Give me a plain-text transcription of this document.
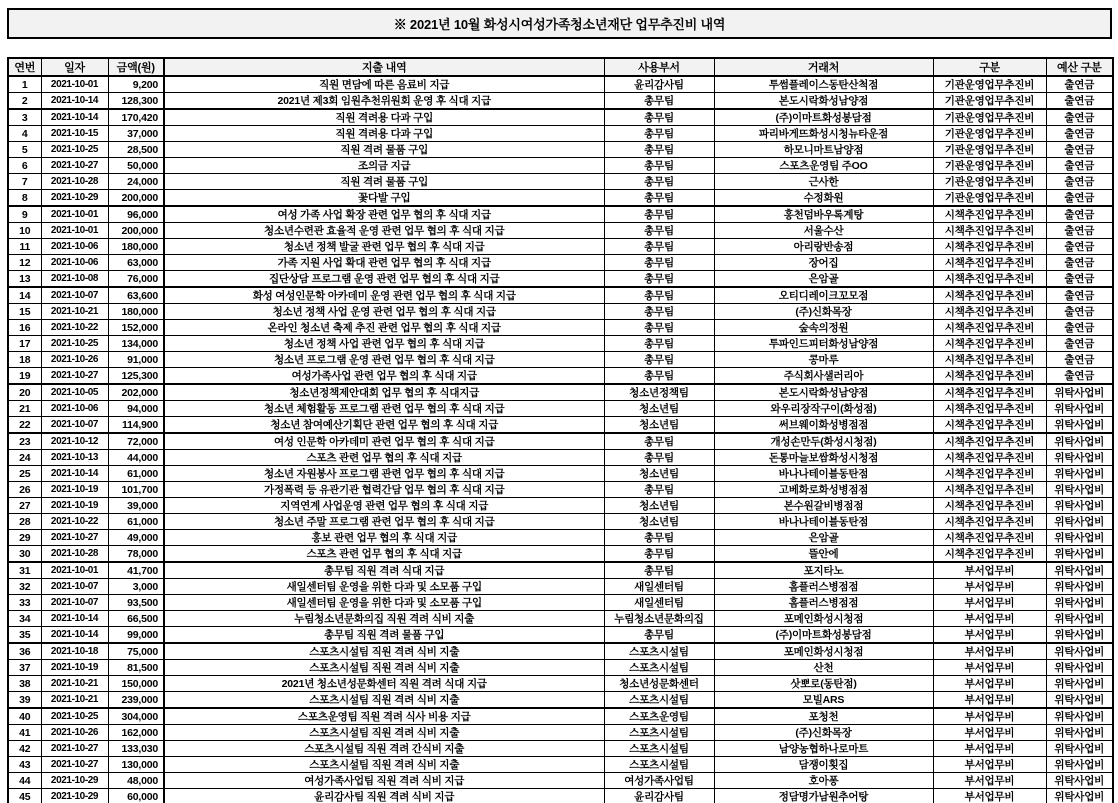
※ 2021년 10월 화성시여성가족청소년재단 업무추진비 내역
연번	일자	금액(원)	지출 내역	사용부서	거래처	구분	예산 구분
1	2021-10-01	9,200	직원 면담에 따른 음료비 지급	윤리감사팀	투썸플레이스동탄산척점	기관운영업무추진비	출연금
2	2021-10-14	128,300	2021년 제3회 임원추천위원회 운영 후 식대 지급	총무팀	본도시락화성남양점	기관운영업무추진비	출연금
3	2021-10-14	170,420	직원 격려용 다과 구입	총무팀	(주)이마트화성봉담점	기관운영업무추진비	출연금
4	2021-10-15	37,000	직원 격려용 다과 구입	총무팀	파리바게뜨화성시청뉴타운점	기관운영업무추진비	출연금
5	2021-10-25	28,500	직원 격려 물품 구입	총무팀	하모니마트남양점	기관운영업무추진비	출연금
6	2021-10-27	50,000	조의금 지급	총무팀	스포츠운영팀 주OO	기관운영업무추진비	출연금
7	2021-10-28	24,000	직원 격려 물품 구입	총무팀	근사한	기관운영업무추진비	출연금
8	2021-10-29	200,000	꽃다발 구입	총무팀	수정화원	기관운영업무추진비	출연금
9	2021-10-01	96,000	여성 가족 사업 확장 관련 업무 협의 후 식대 지급	총무팀	홍천덤바우록계탕	시책추진업무추진비	출연금
10	2021-10-01	200,000	청소년수련관 효율적 운영 관련 업무 협의 후 식대 지급	총무팀	서울수산	시책추진업무추진비	출연금
11	2021-10-06	180,000	청소년 정책 발굴 관련 업무 협의 후 식대 지급	총무팀	아리랑반송점	시책추진업무추진비	출연금
12	2021-10-06	63,000	가족 지원 사업 확대 관련 업무 협의 후 식대 지급	총무팀	장어집	시책추진업무추진비	출연금
13	2021-10-08	76,000	집단상담 프로그램 운영 관련 업무 협의 후 식대 지급	총무팀	은암골	시책추진업무추진비	출연금
14	2021-10-07	63,600	화성 여성인문학 아카데미 운영 관련 업무 협의 후 식대 지급	총무팀	오티디레이크꼬모점	시책추진업무추진비	출연금
15	2021-10-21	180,000	청소년 정책 사업 운영 관련 업무 협의 후 식대 지급	총무팀	(주)신화목장	시책추진업무추진비	출연금
16	2021-10-22	152,000	온라인 청소년 축제 추진 관련 업무 협의 후 식대 지급	총무팀	숲속의정원	시책추진업무추진비	출연금
17	2021-10-25	134,000	청소년 정책 사업 관련 업무 협의 후 식대 지급	총무팀	투파인드피터화성남양점	시책추진업무추진비	출연금
18	2021-10-26	91,000	청소년 프로그램 운영 관련 업무 협의 후 식대 지급	총무팀	콩마루	시책추진업무추진비	출연금
19	2021-10-27	125,300	여성가족사업 관련 업무 협의 후 식대 지급	총무팀	주식회사샐러리아	시책추진업무추진비	출연금
20	2021-10-05	202,000	청소년정책제안대회 업무 협의 후 식대지급	청소년정책팀	본도시락화성남양점	시책추진업무추진비	위탁사업비
21	2021-10-06	94,000	청소년 체험활동 프로그램 관련 업무 협의 후 식대 지급	청소년팀	와우리장작구이(화성점)	시책추진업무추진비	위탁사업비
22	2021-10-07	114,900	청소년 참여예산기획단 관련 업무 협의 후 식대 지급	청소년팀	써브웨이화성병점점	시책추진업무추진비	위탁사업비
23	2021-10-12	72,000	여성 인문학 아카데미 관련 업무 협의 후 식대 지급	총무팀	개성손만두(화성시청점)	시책추진업무추진비	위탁사업비
24	2021-10-13	44,000	스포츠 관련 업무 협의 후 식대 지급	총무팀	돈통마늘보쌈화성시청점	시책추진업무추진비	위탁사업비
25	2021-10-14	61,000	청소년 자원봉사 프로그램 관련 업무 협의 후 식대 지급	청소년팀	바나나테이블동탄점	시책추진업무추진비	위탁사업비
26	2021-10-19	101,700	가정폭력 등 유관기관 협력간담 업무 협의 후 식대 지급	총무팀	고베화로화성병점점	시책추진업무추진비	위탁사업비
27	2021-10-19	39,000	지역연계 사업운영 관련 업무 협의 후 식대 지급	청소년팀	본수원갈비병점점	시책추진업무추진비	위탁사업비
28	2021-10-22	61,000	청소년 주말 프로그램 관련 업무 협의 후 식대 지급	청소년팀	바나나테이블동탄점	시책추진업무추진비	위탁사업비
29	2021-10-27	49,000	홍보 관련 업무 협의 후 식대 지급	총무팀	은암골	시책추진업무추진비	위탁사업비
30	2021-10-28	78,000	스포츠 관련 업무 협의 후 식대 지급	총무팀	뜰안에	시책추진업무추진비	위탁사업비
31	2021-10-01	41,700	총무팀 직원 격려 식대 지급	총무팀	포지타노	부서업무비	위탁사업비
32	2021-10-07	3,000	새일센터팀 운영을 위한 다과 및 소모품 구입	새일센터팀	홈플러스병점점	부서업무비	위탁사업비
33	2021-10-07	93,500	새일센터팀 운영을 위한 다과 및 소모품 구입	새일센터팀	홈플러스병점점	부서업무비	위탁사업비
34	2021-10-14	66,500	누림청소년문화의집 직원 격려 식비 지출	누림청소년문화의집	포메인화성시청점	부서업무비	위탁사업비
35	2021-10-14	99,000	총무팀 직원 격려 물품 구입	총무팀	(주)이마트화성봉담점	부서업무비	위탁사업비
36	2021-10-18	75,000	스포츠시설팀 직원 격려 식비 지출	스포츠시설팀	포메인화성시청점	부서업무비	위탁사업비
37	2021-10-19	81,500	스포츠시설팀 직원 격려 식비 지출	스포츠시설팀	산천	부서업무비	위탁사업비
38	2021-10-21	150,000	2021년 청소년성문화센터 직원 격려 식대 지급	청소년성문화센터	삿뽀로(동탄점)	부서업무비	위탁사업비
39	2021-10-21	239,000	스포츠시설팀 직원 격려 식비 지출	스포츠시설팀	모빌ARS	부서업무비	위탁사업비
40	2021-10-25	304,000	스포츠운영팀 직원 격려 식사 비용 지급	스포츠운영팀	포청천	부서업무비	위탁사업비
41	2021-10-26	162,000	스포츠시설팀 직원 격려 식비 지출	스포츠시설팀	(주)신화목장	부서업무비	위탁사업비
42	2021-10-27	133,030	스포츠시설팀 직원 격려 간식비 지출	스포츠시설팀	남양농협하나로마트	부서업무비	위탁사업비
43	2021-10-27	130,000	스포츠시설팀 직원 격려 식비 지출	스포츠시설팀	담쟁이횟집	부서업무비	위탁사업비
44	2021-10-29	48,000	여성가족사업팀 직원 격려 식비 지급	여성가족사업팀	호아퐁	부서업무비	위탁사업비
45	2021-10-29	60,000	윤리감사팀 직원 격려 식비 지급	윤리감사팀	정담명가남원추어탕	부서업무비	위탁사업비
